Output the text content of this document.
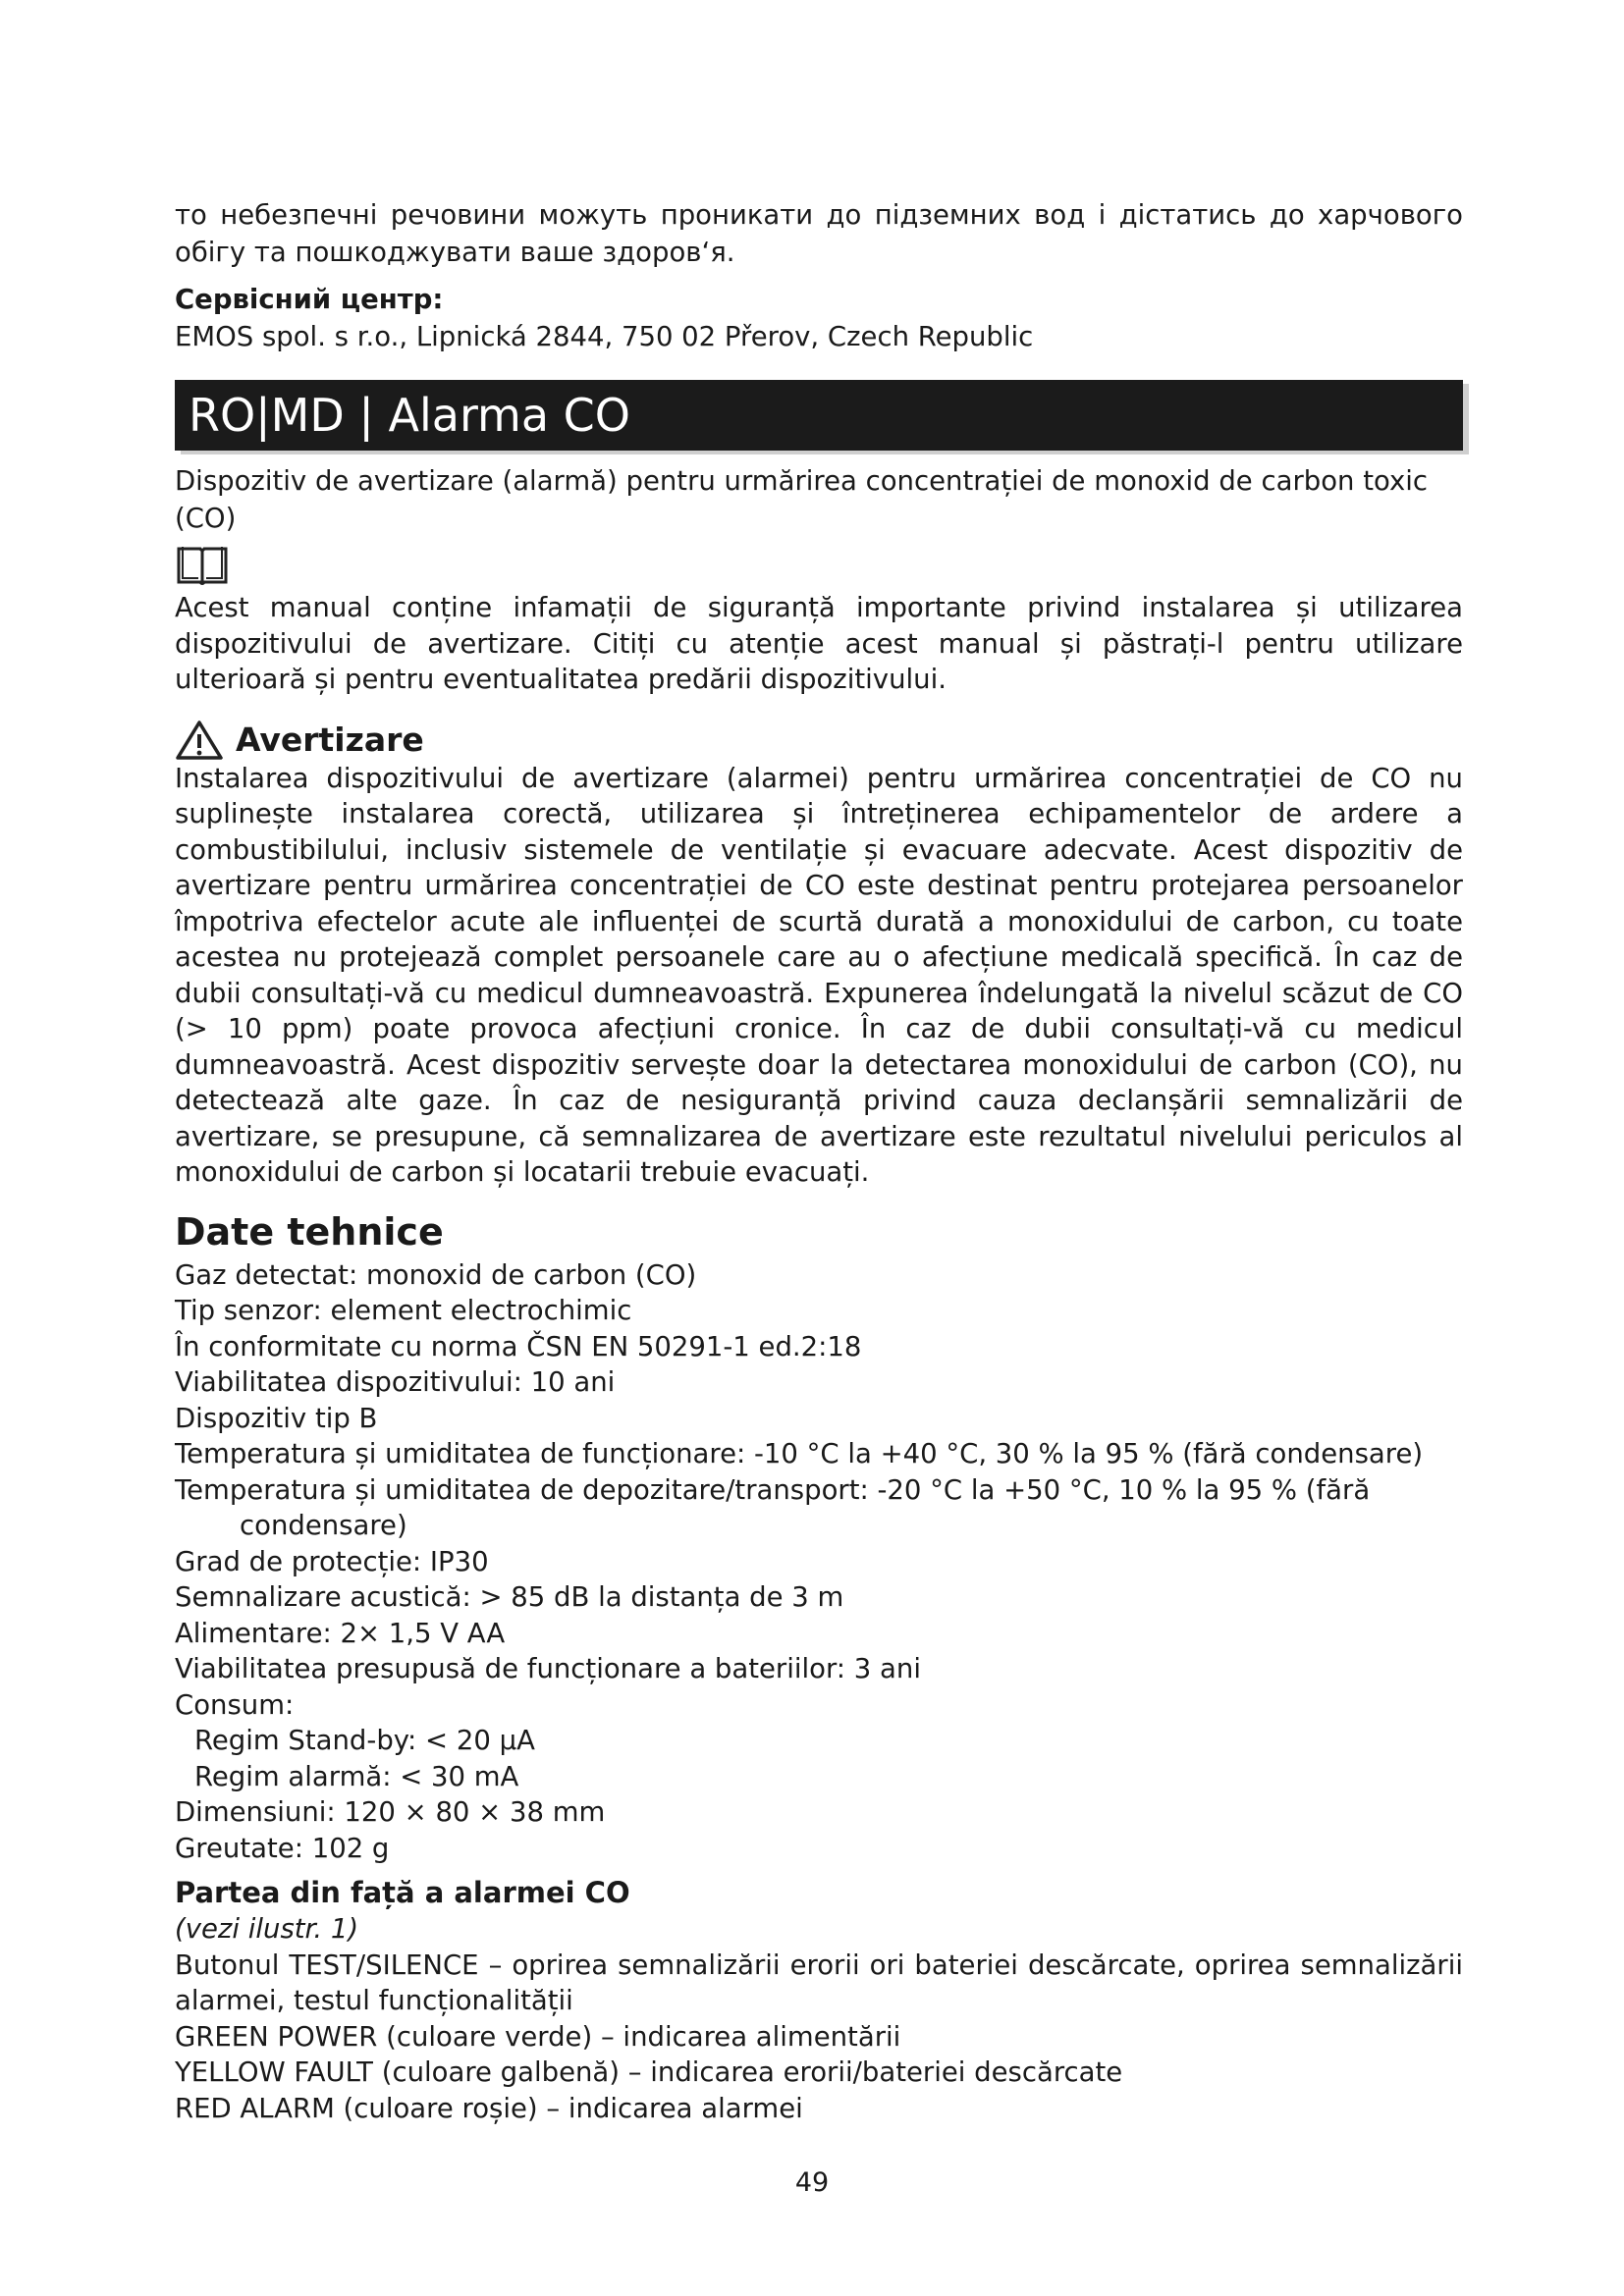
то небезпечні речовини можуть проникати до підземних вод і дістатись до харчового обігу та пошкоджувати ваше здоров‘я.

Сервісний центр:

EMOS spol. s r.o., Lipnická 2844, 750 02 Přerov, Czech Republic

RO|MD | Alarma CO

Dispozitiv de avertizare (alarmă) pentru urmărirea concentrației de monoxid de carbon toxic (CO)

Acest manual conține infamații de siguranță importante privind instalarea și utilizarea dispozitivului de avertizare. Citiți cu atenție acest manual și păstrați-l pentru utilizare ulterioară și pentru eventualitatea predării dispozitivului.

Avertizare

Instalarea dispozitivului de avertizare (alarmei) pentru urmărirea concentrației de CO nu suplinește instalarea corectă, utilizarea și întreținerea echipamentelor de ardere a combustibilului, inclusiv sistemele de ventilație și evacuare adecvate. Acest dispozitiv de avertizare pentru urmărirea concentrației de CO este destinat pentru protejarea persoanelor împotriva efectelor acute ale influenței de scurtă durată a monoxidului de carbon, cu toate acestea nu protejează complet persoanele care au o afecțiune medicală specifică. În caz de dubii consultați-vă cu medicul dumneavoastră. Expunerea îndelungată la nivelul scăzut de CO (> 10 ppm) poate provoca afecțiuni cronice. În caz de dubii consultați-vă cu medicul dumneavoastră. Acest dispozitiv servește doar la detectarea monoxidului de carbon (CO), nu detectează alte gaze. În caz de nesiguranță privind cauza declanșării semnalizării de avertizare, se presupune, că semnalizarea de avertizare este rezultatul nivelului periculos al monoxidului de carbon și locatarii trebuie evacuați.

Date tehnice

Gaz detectat: monoxid de carbon (CO)

Tip senzor: element electrochimic

În conformitate cu norma ČSN EN 50291-1 ed.2:18

Viabilitatea dispozitivului: 10 ani

Dispozitiv tip B

Temperatura și umiditatea de funcționare: -10 °C la +40 °C, 30 % la 95 % (fără condensare)

Temperatura și umiditatea de depozitare/transport: -20 °C la +50 °C, 10 % la 95 % (fără condensare)

Grad de protecție: IP30

Semnalizare acustică: > 85 dB la distanța de 3 m

Alimentare: 2× 1,5 V AA

Viabilitatea presupusă de funcționare a bateriilor: 3 ani

Consum:

Regim Stand-by: < 20 µA

Regim alarmă: < 30 mA

Dimensiuni: 120 × 80 × 38 mm

Greutate: 102 g

Partea din față a alarmei CO

(vezi ilustr. 1)

Butonul TEST/SILENCE – oprirea semnalizării erorii ori bateriei descărcate, oprirea semnalizării alarmei, testul funcționalității

GREEN POWER (culoare verde) – indicarea alimentării

YELLOW FAULT (culoare galbenă) – indicarea erorii/bateriei descărcate

RED ALARM (culoare roșie) – indicarea alarmei

49
